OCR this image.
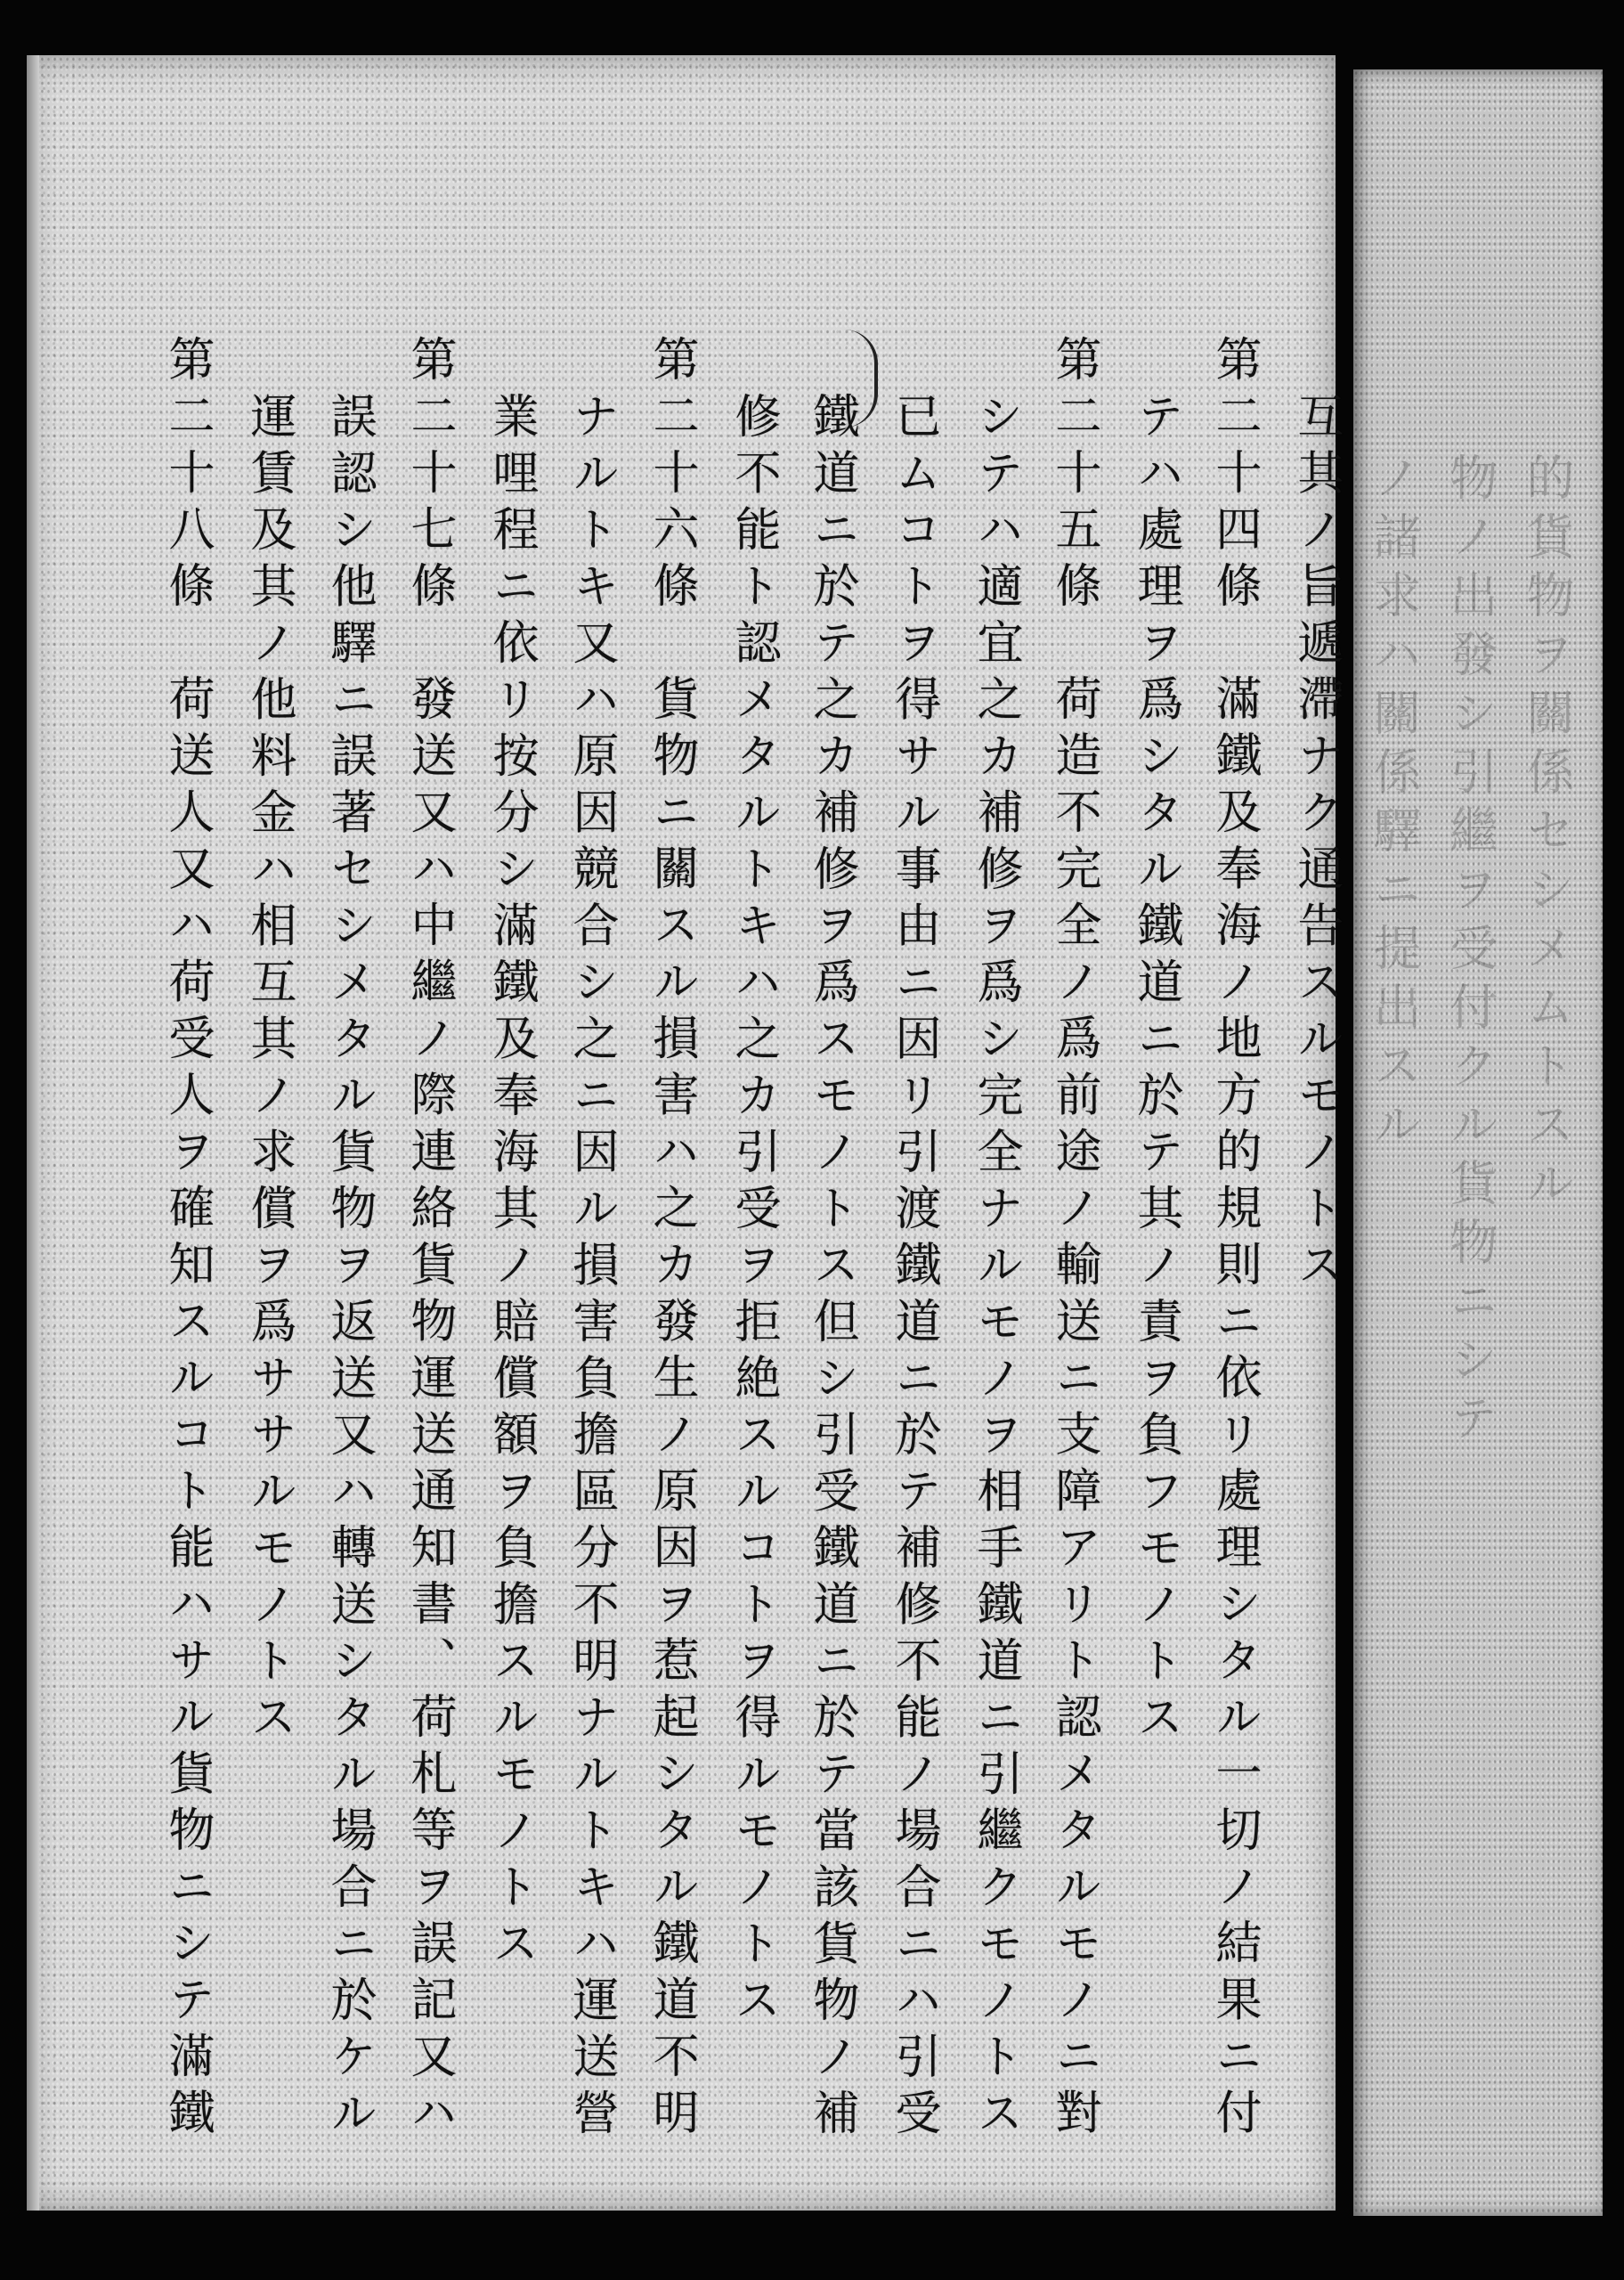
的貨物ヲ關係セシメムトスル
物ノ出發シ引繼ヲ受付クル貨物ニシテ
ノ諸求ハ關係驛ニ提出スル
互其ノ旨遞滯ナク通告スルモノトス
第二十四條　滿鐵及奉海ノ地方的規則ニ依リ處理シタル一切ノ結果ニ付
テハ處理ヲ爲シタル鐵道ニ於テ其ノ責ヲ負フモノトス
第二十五條　荷造不完全ノ爲前途ノ輸送ニ支障アリト認メタルモノニ對
シテハ適宜之カ補修ヲ爲シ完全ナルモノヲ相手鐵道ニ引繼クモノトス
已ムコトヲ得サル事由ニ因リ引渡鐵道ニ於テ補修不能ノ場合ニハ引受
鐵道ニ於テ之カ補修ヲ爲スモノトス但シ引受鐵道ニ於テ當該貨物ノ補
修不能ト認メタルトキハ之カ引受ヲ拒絶スルコトヲ得ルモノトス
第二十六條　貨物ニ關スル損害ハ之カ發生ノ原因ヲ惹起シタル鐵道不明
ナルトキ又ハ原因競合シ之ニ因ル損害負擔區分不明ナルトキハ運送營
業哩程ニ依リ按分シ滿鐵及奉海其ノ賠償額ヲ負擔スルモノトス
第二十七條　發送又ハ中繼ノ際連絡貨物運送通知書、荷札等ヲ誤記又ハ
誤認シ他驛ニ誤著セシメタル貨物ヲ返送又ハ轉送シタル場合ニ於ケル
運賃及其ノ他料金ハ相互其ノ求償ヲ爲ササルモノトス
第二十八條　荷送人又ハ荷受人ヲ確知スルコト能ハサル貨物ニシテ滿鐵
